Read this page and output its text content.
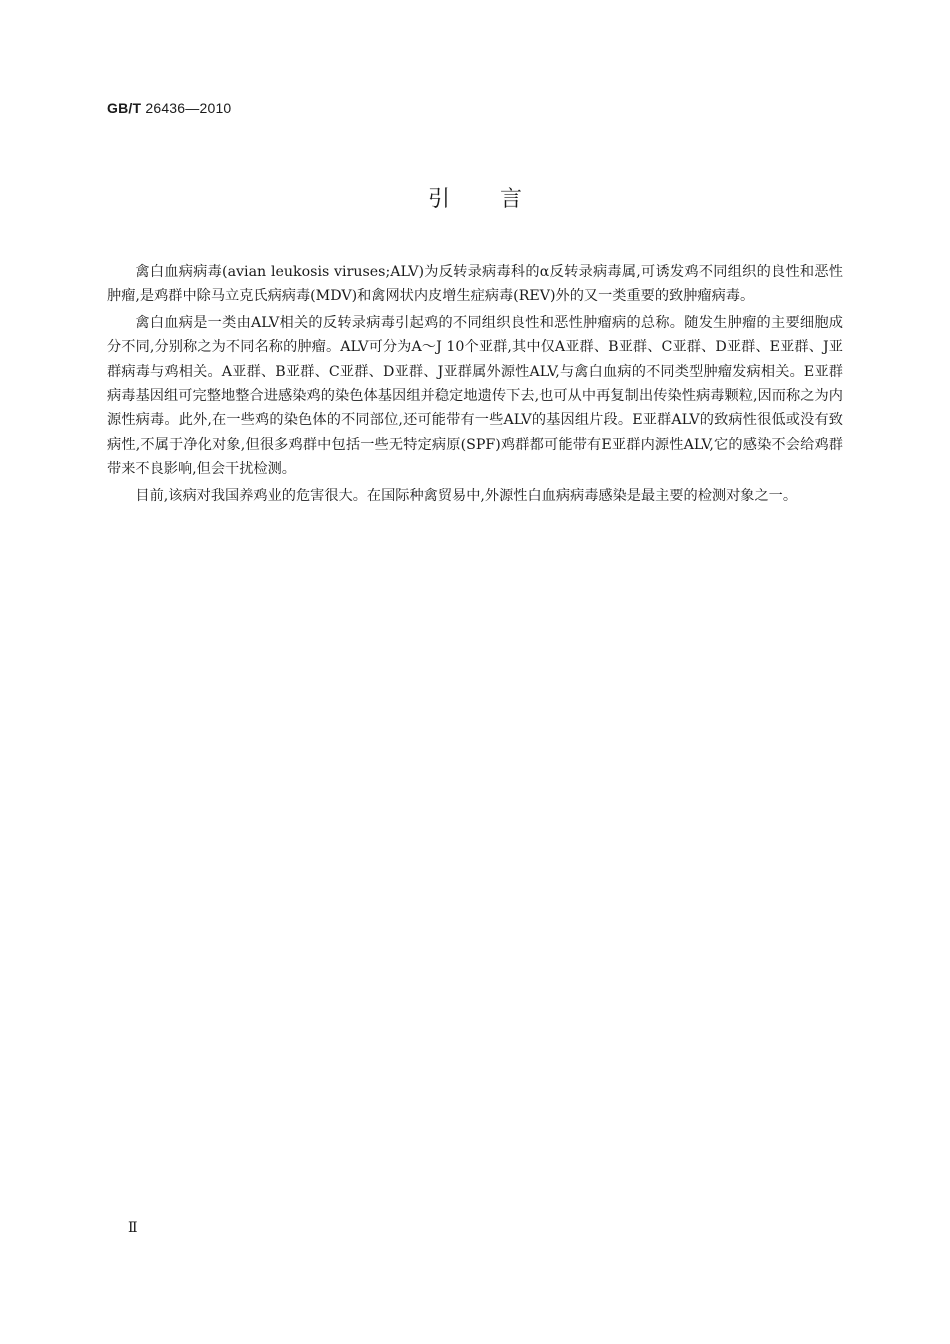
GB/T 26436—2010
引言

禽白血病病毒(avian leukosis viruses;ALV)为反转录病毒科的α反转录病毒属,可诱发鸡不同组织的良性和恶性肿瘤,是鸡群中除马立克氏病病毒(MDV)和禽网状内皮增生症病毒(REV)外的又一类重要的致肿瘤病毒。

禽白血病是一类由ALV相关的反转录病毒引起鸡的不同组织良性和恶性肿瘤病的总称。随发生肿瘤的主要细胞成分不同,分别称之为不同名称的肿瘤。ALV可分为A～J 10个亚群,其中仅A亚群、B亚群、C亚群、D亚群、E亚群、J亚群病毒与鸡相关。A亚群、B亚群、C亚群、D亚群、J亚群属外源性ALV,与禽白血病的不同类型肿瘤发病相关。E亚群病毒基因组可完整地整合进感染鸡的染色体基因组并稳定地遗传下去,也可从中再复制出传染性病毒颗粒,因而称之为内源性病毒。此外,在一些鸡的染色体的不同部位,还可能带有一些ALV的基因组片段。E亚群ALV的致病性很低或没有致病性,不属于净化对象,但很多鸡群中包括一些无特定病原(SPF)鸡群都可能带有E亚群内源性ALV,它的感染不会给鸡群带来不良影响,但会干扰检测。

目前,该病对我国养鸡业的危害很大。在国际种禽贸易中,外源性白血病病毒感染是最主要的检测对象之一。

Ⅱ
